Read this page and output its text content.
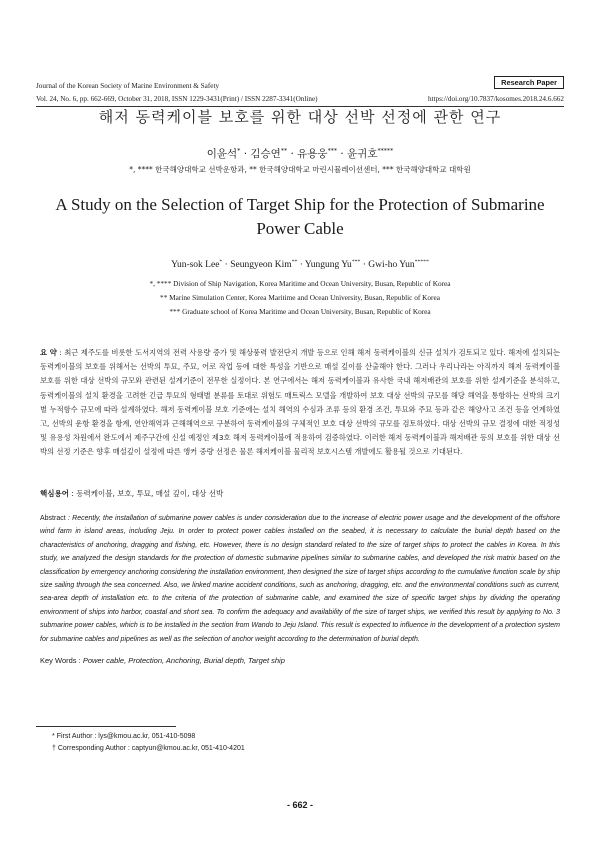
Journal of the Korean Society of Marine Environment & Safety
Vol. 24, No. 6, pp. 662-669, October 31, 2018, ISSN 1229-3431(Print) / ISSN 2287-3341(Online)
Research Paper
https://doi.org/10.7837/kosomes.2018.24.6.662
해저 동력케이블 보호를 위한 대상 선박 선정에 관한 연구
이윤석* · 김승연** · 유용웅*** · 윤귀호*****
*, **** 한국해양대학교 선박운항과, ** 한국해양대학교 마린시뮬레이션센터, *** 한국해양대학교 대학원
A Study on the Selection of Target Ship for the Protection of Submarine Power Cable
Yun-sok Lee* · Seungyeon Kim** · Yungung Yu*** · Gwi-ho Yun*****
*, **** Division of Ship Navigation, Korea Maritime and Ocean University, Busan, Republic of Korea
** Marine Simulation Center, Korea Maritime and Ocean University, Busan, Republic of Korea
*** Graduate school of Korea Maritime and Ocean University, Busan, Republic of Korea
요 약 : 최근 제주도를 비롯한 도서지역의 전력 사용량 증가 및 해상풍력 발전단지 개발 등으로 인해 해저 동력케이블의 신규 설치가 검토되고 있다. 해저에 설치되는 동력케이블의 보호를 위해서는 선박의 투묘, 주묘, 어로 작업 등에 대한 특성을 기반으로 매설 깊이를 산출해야 한다. 그러나 우리나라는 아직까지 해저 동력케이블 보호를 위한 대상 선박의 규모와 관련된 설계기준이 전무한 실정이다. 본 연구에서는 해저 동력케이블과 유사한 국내 해저배관의 보호를 위한 설계기준을 분석하고, 동력케이블의 설치 환경을 고려한 긴급 투묘의 형태별 분류를 토대로 위험도 매트릭스 모델을 개발하여 보호 대상 선박의 규모를 해당 해역을 통항하는 선박의 크기별 누적함수 규모에 따라 설계하였다. 해저 동력케이블 보호 기준에는 설치 해역의 수심과 조류 등의 환경 조건, 투묘와 주묘 등과 같은 해양사고 조건 등을 연계하였고, 선박의 운항 환경을 항계, 연안해역과 근해해역으로 구분하여 동력케이블의 구체적인 보호 대상 선박의 규모를 검토하였다. 대상 선박의 규모 결정에 대한 적정성 및 유용성 차원에서 완도에서 제주구간에 신설 예정인 제3호 해저 동력케이블에 적용하여 검증하였다. 이러한 해저 동력케이블과 해저배관 등의 보호를 위한 대상 선박의 선정 기준은 향후 매설깊이 설정에 따른 앵커 중량 선정은 물론 해저케이블 물리적 보호시스템 개발에도 활용될 것으로 기대된다.
핵심용어 : 동력케이블, 보호, 투묘, 매설 깊이, 대상 선박
Abstract : Recently, the installation of submarine power cables is under consideration due to the increase of electric power usage and the development of the offshore wind farm in island areas, including Jeju. In order to protect power cables installed on the seabed, it is necessary to calculate the burial depth based on the characteristics of anchoring, dragging and fishing, etc. However, there is no design standard related to the size of target ships to protect the cables in Korea. In this study, we analyzed the design standards for the protection of domestic submarine pipelines similar to submarine cables, and developed the risk matrix based on the classification by emergency anchoring considering the installation environment, then designed the size of target ships according to the cumulative function scale by ship size sailing through the sea concerned. Also, we linked marine accident conditions, such as anchoring, dragging, etc. and the environmental conditions such as current, sea-area depth of installation etc. to the criteria of the protection of submarine cable, and examined the size of specific target ships by dividing the operating environment of ships into harbor, coastal and short sea. To confirm the adequacy and availability of the size of target ships, we verified this result by applying to No. 3 submarine power cables, which is to be installed in the section from Wando to Jeju Island. This result is expected to influence in the development of a protection system for submarine cables and pipelines as well as the selection of anchor weight according to the determination of burial depth.
Key Words : Power cable, Protection, Anchoring, Burial depth, Target ship
* First Author : lys@kmou.ac.kr, 051-410-5098
† Corresponding Author : captyun@kmou.ac.kr, 051-410-4201
- 662 -
